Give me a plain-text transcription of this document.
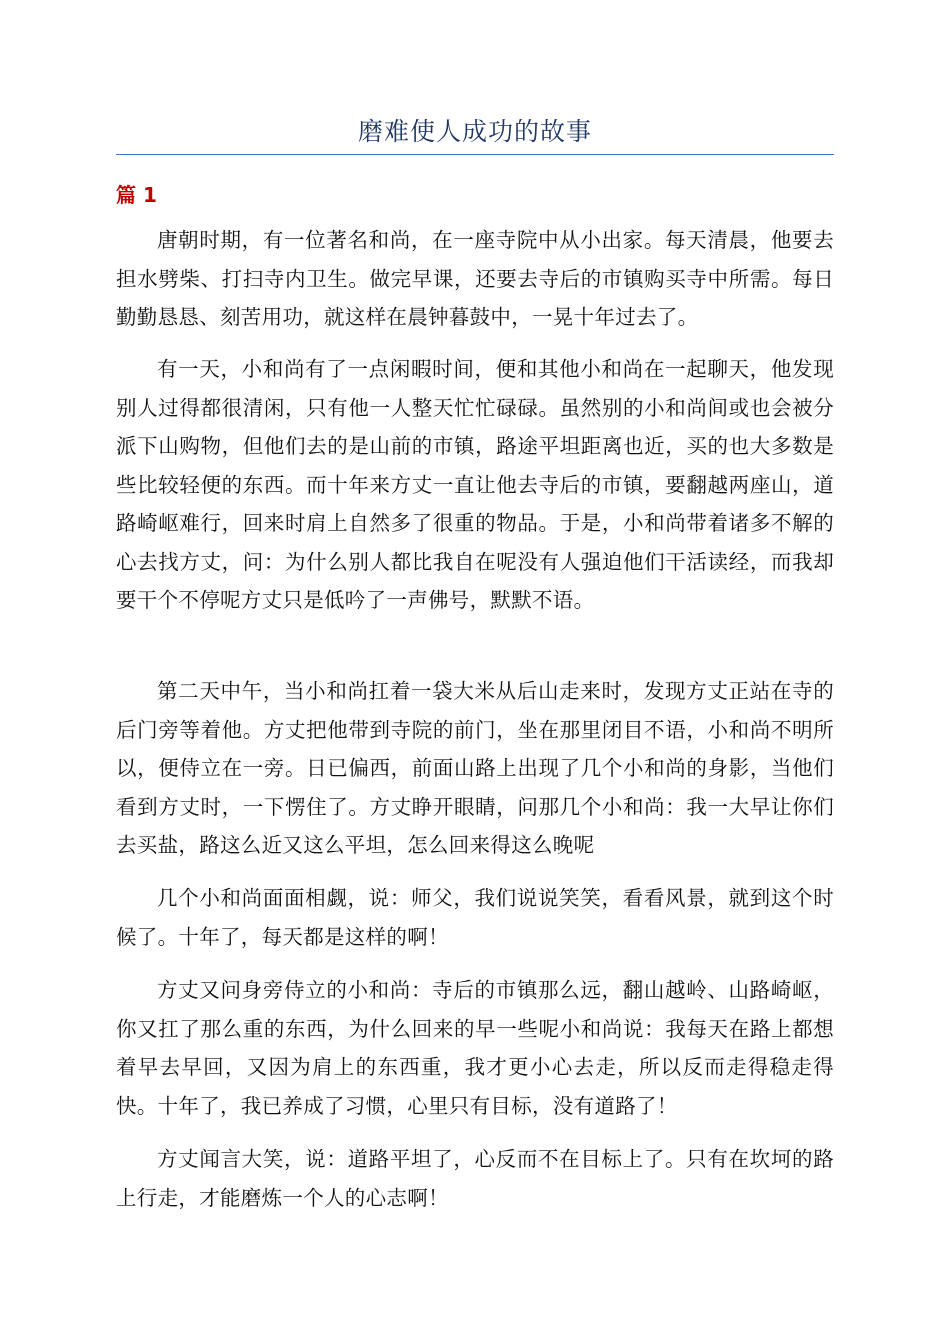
磨难使人成功的故事
篇 1

唐朝时期，有一位著名和尚，在一座寺院中从小出家。每天清晨，他要去担水劈柴、打扫寺内卫生。做完早课，还要去寺后的市镇购买寺中所需。每日勤勤恳恳、刻苦用功，就这样在晨钟暮鼓中，一晃十年过去了。

有一天，小和尚有了一点闲暇时间，便和其他小和尚在一起聊天，他发现别人过得都很清闲，只有他一人整天忙忙碌碌。虽然别的小和尚间或也会被分派下山购物，但他们去的是山前的市镇，路途平坦距离也近，买的也大多数是些比较轻便的东西。而十年来方丈一直让他去寺后的市镇，要翻越两座山，道路崎岖难行，回来时肩上自然多了很重的物品。于是，小和尚带着诸多不解的心去找方丈，问：为什么别人都比我自在呢没有人强迫他们干活读经，而我却要干个不停呢方丈只是低吟了一声佛号，默默不语。

第二天中午，当小和尚扛着一袋大米从后山走来时，发现方丈正站在寺的后门旁等着他。方丈把他带到寺院的前门，坐在那里闭目不语，小和尚不明所以，便侍立在一旁。日已偏西，前面山路上出现了几个小和尚的身影，当他们看到方丈时，一下愣住了。方丈睁开眼睛，问那几个小和尚：我一大早让你们去买盐，路这么近又这么平坦，怎么回来得这么晚呢

几个小和尚面面相觑，说：师父，我们说说笑笑，看看风景，就到这个时候了。十年了，每天都是这样的啊！

方丈又问身旁侍立的小和尚：寺后的市镇那么远，翻山越岭、山路崎岖，你又扛了那么重的东西，为什么回来的早一些呢小和尚说：我每天在路上都想着早去早回，又因为肩上的东西重，我才更小心去走，所以反而走得稳走得快。十年了，我已养成了习惯，心里只有目标，没有道路了！

方丈闻言大笑，说：道路平坦了，心反而不在目标上了。只有在坎坷的路上行走，才能磨炼一个人的心志啊！
